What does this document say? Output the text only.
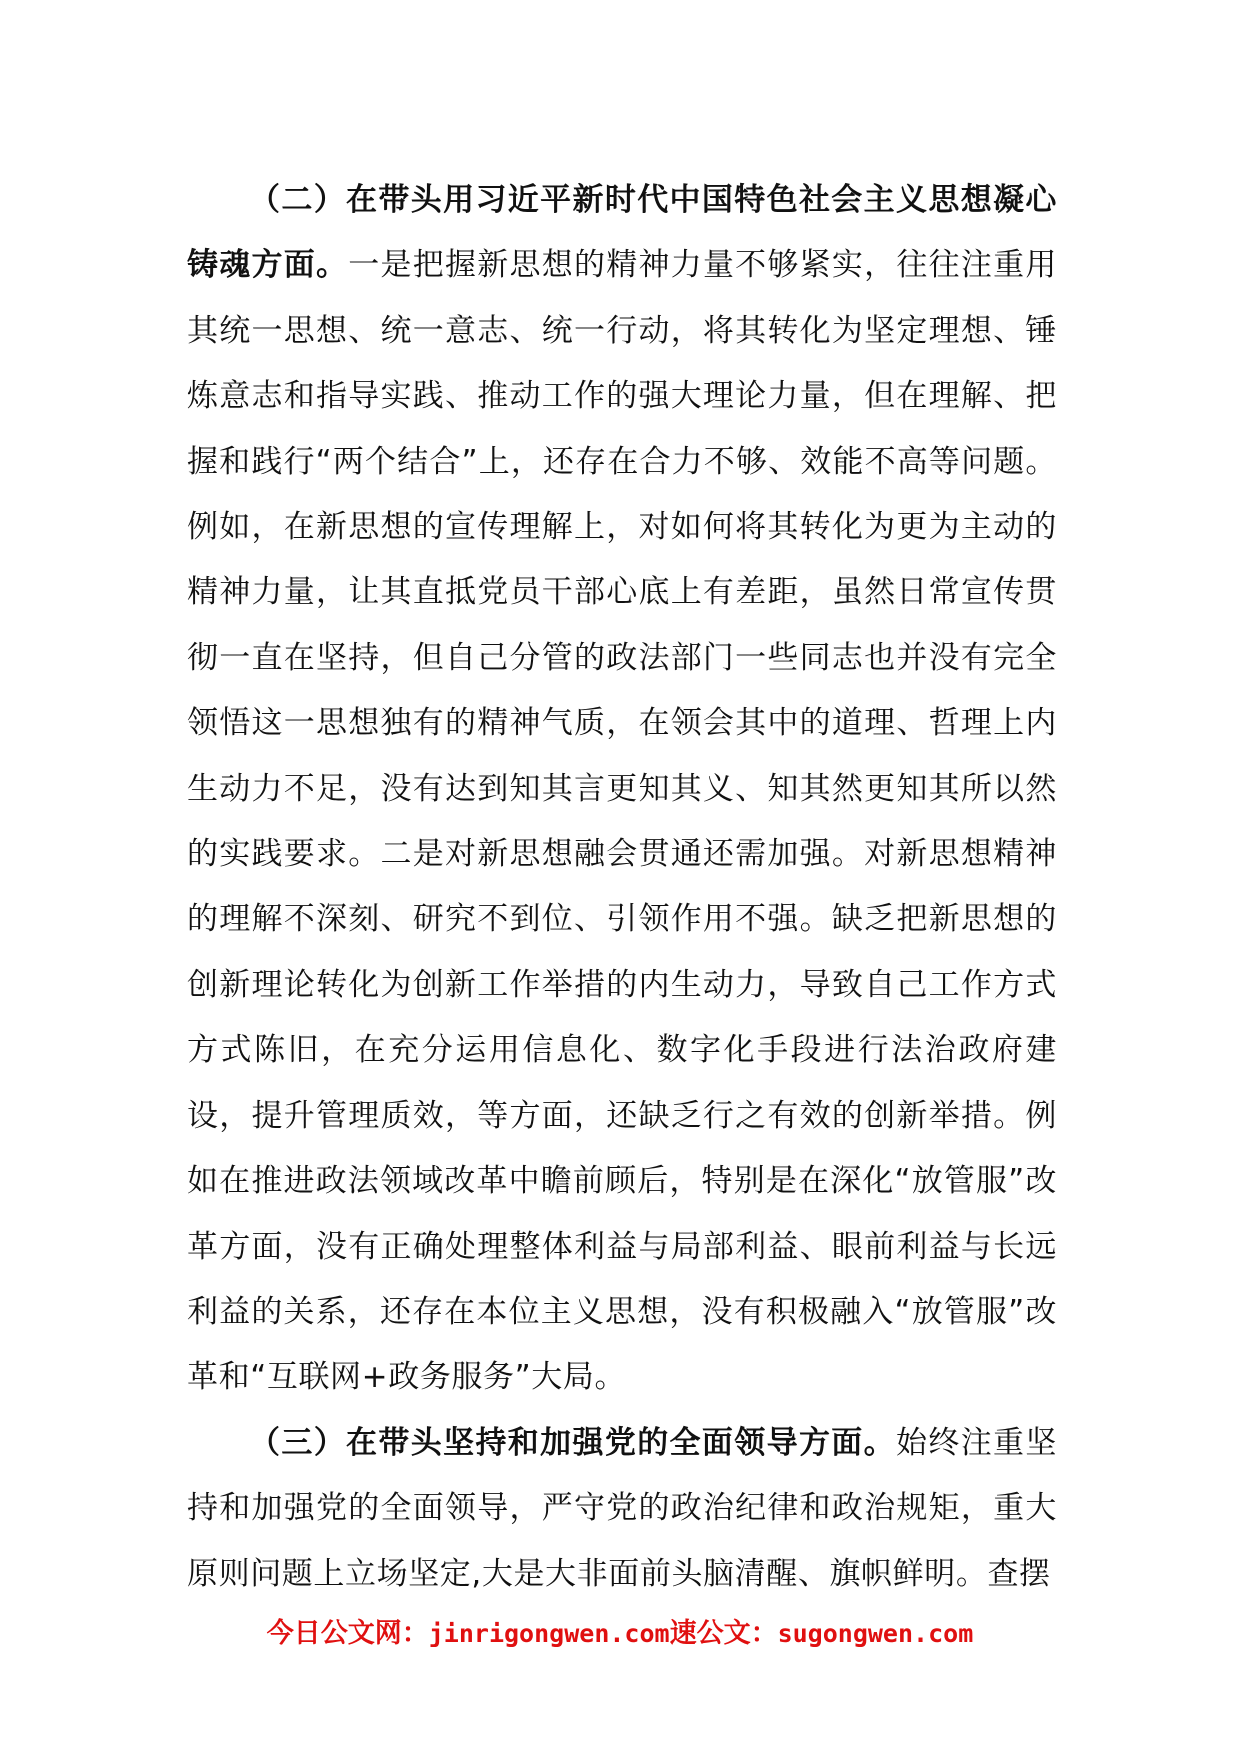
（二）在带头用习近平新时代中国特色社会主义思想凝心铸魂方面。一是把握新思想的精神力量不够紧实，往往注重用其统一思想、统一意志、统一行动，将其转化为坚定理想、锤炼意志和指导实践、推动工作的强大理论力量，但在理解、把握和践行“两个结合”上，还存在合力不够、效能不高等问题。例如，在新思想的宣传理解上，对如何将其转化为更为主动的精神力量，让其直抵党员干部心底上有差距，虽然日常宣传贯彻一直在坚持，但自己分管的政法部门一些同志也并没有完全领悟这一思想独有的精神气质，在领会其中的道理、哲理上内生动力不足，没有达到知其言更知其义、知其然更知其所以然的实践要求。二是对新思想融会贯通还需加强。对新思想精神的理解不深刻、研究不到位、引领作用不强。缺乏把新思想的创新理论转化为创新工作举措的内生动力，导致自己工作方式方式陈旧，在充分运用信息化、数字化手段进行法治政府建设，提升管理质效，等方面，还缺乏行之有效的创新举措。例如在推进政法领域改革中瞻前顾后，特别是在深化“放管服”改革方面，没有正确处理整体利益与局部利益、眼前利益与长远利益的关系，还存在本位主义思想，没有积极融入“放管服”改革和“互联网+政务服务”大局。

（三）在带头坚持和加强党的全面领导方面。始终注重坚持和加强党的全面领导，严守党的政治纪律和政治规矩，重大原则问题上立场坚定,大是大非面前头脑清醒、旗帜鲜明。查摆

今日公文网：jinrigongwen.com速公文：sugongwen.com
